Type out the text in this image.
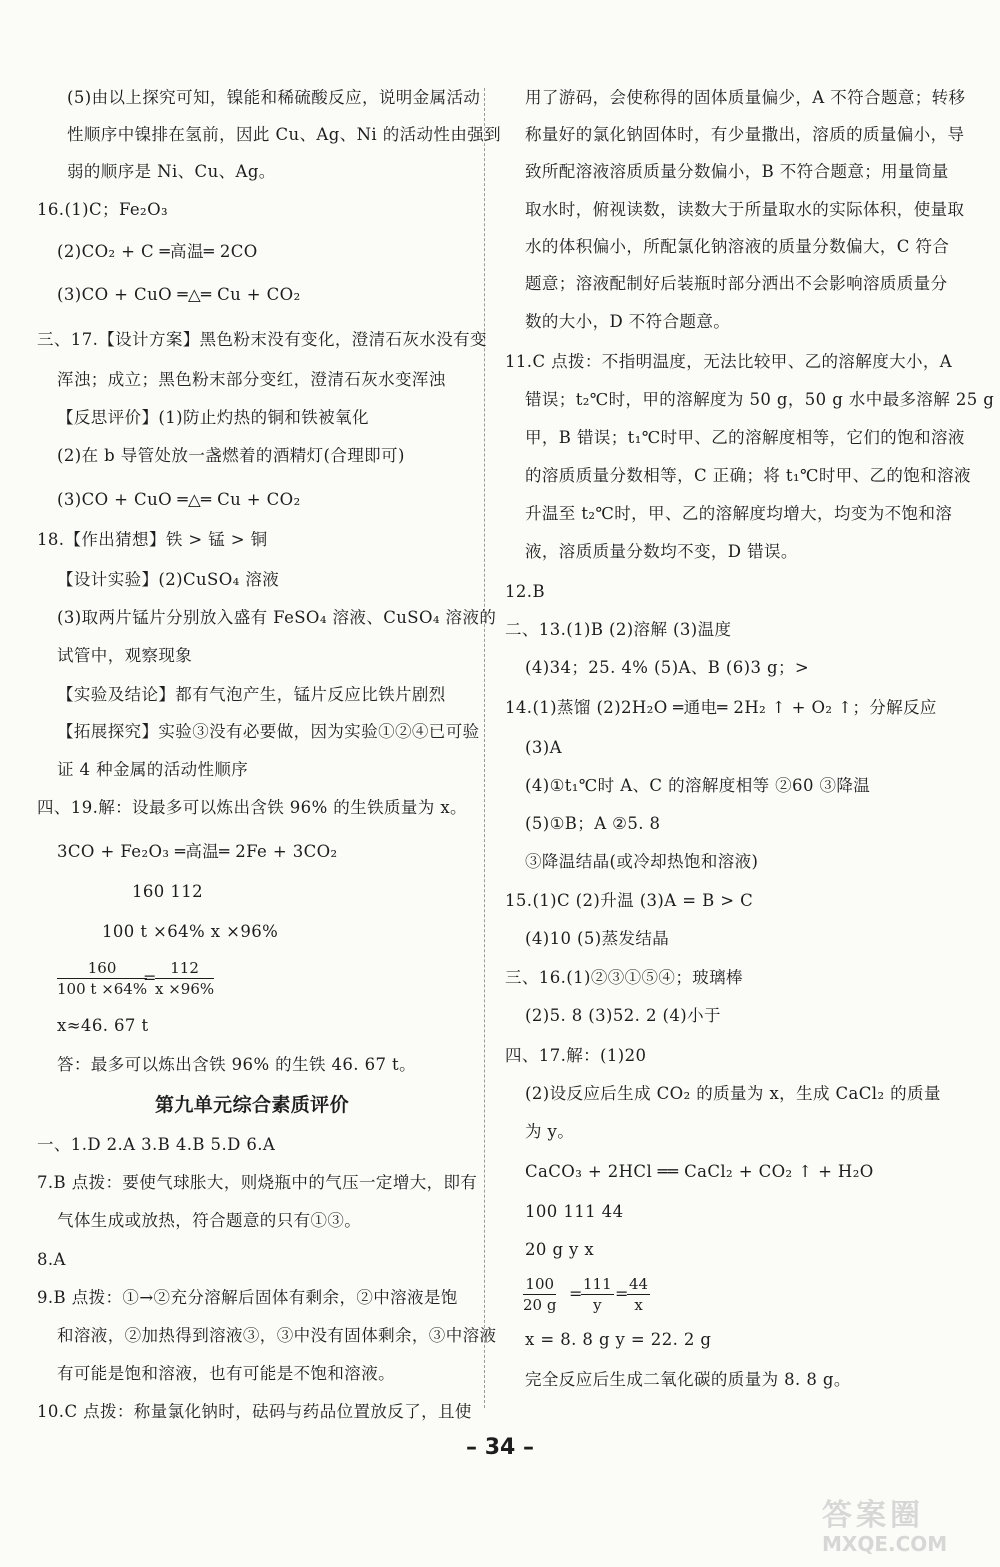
(5)由以上探究可知，镍能和稀硫酸反应，说明金属活动
性顺序中镍排在氢前，因此 Cu、Ag、Ni 的活动性由强到
弱的顺序是 Ni、Cu、Ag。
16.(1)C；Fe₂O₃
(2)CO₂ + C ═高温═ 2CO
(3)CO + CuO ═△═ Cu + CO₂
三、17.【设计方案】黑色粉末没有变化，澄清石灰水没有变
浑浊；成立；黑色粉末部分变红，澄清石灰水变浑浊
【反思评价】(1)防止灼热的铜和铁被氧化
(2)在 b 导管处放一盏燃着的酒精灯(合理即可)
(3)CO + CuO ═△═ Cu + CO₂
18.【作出猜想】铁 > 锰 > 铜
【设计实验】(2)CuSO₄ 溶液
(3)取两片锰片分别放入盛有 FeSO₄ 溶液、CuSO₄ 溶液的
试管中，观察现象
【实验及结论】都有气泡产生，锰片反应比铁片剧烈
【拓展探究】实验③没有必要做，因为实验①②④已可验
证 4 种金属的活动性顺序
四、19.解：设最多可以炼出含铁 96% 的生铁质量为 x。
3CO + Fe₂O₃ ═高温═ 2Fe + 3CO₂
160 112
100 t ×64% x ×96%
$\frac{160}{100 t \times 64\%}$
=
$\frac{112}{x \times 96\%}$
x≈46. 67 t
答：最多可以炼出含铁 96% 的生铁 46. 67 t。
第九单元综合素质评价
一、1.D 2.A 3.B 4.B 5.D 6.A
7.B 点拨：要使气球胀大，则烧瓶中的气压一定增大，即有
气体生成或放热，符合题意的只有①③。
8.A
9.B 点拨：①→②充分溶解后固体有剩余，②中溶液是饱
和溶液，②加热得到溶液③，③中没有固体剩余，③中溶液
有可能是饱和溶液，也有可能是不饱和溶液。
10.C 点拨：称量氯化钠时，砝码与药品位置放反了，且使
用了游码，会使称得的固体质量偏少，A 不符合题意；转移
称量好的氯化钠固体时，有少量撒出，溶质的质量偏小，导
致所配溶液溶质质量分数偏小，B 不符合题意；用量筒量
取水时，俯视读数，读数大于所量取水的实际体积，使量取
水的体积偏小，所配氯化钠溶液的质量分数偏大，C 符合
题意；溶液配制好后装瓶时部分洒出不会影响溶质质量分
数的大小，D 不符合题意。
11.C 点拨：不指明温度，无法比较甲、乙的溶解度大小，A
错误；t₂℃时，甲的溶解度为 50 g，50 g 水中最多溶解 25 g
甲，B 错误；t₁℃时甲、乙的溶解度相等，它们的饱和溶液
的溶质质量分数相等，C 正确；将 t₁℃时甲、乙的饱和溶液
升温至 t₂℃时，甲、乙的溶解度均增大，均变为不饱和溶
液，溶质质量分数均不变，D 错误。
12.B
二、13.(1)B (2)溶解 (3)温度
(4)34；25. 4% (5)A、B (6)3 g；>
14.(1)蒸馏 (2)2H₂O ═通电═ 2H₂ ↑ + O₂ ↑；分解反应
(3)A
(4)①t₁℃时 A、C 的溶解度相等 ②60 ③降温
(5)①B；A ②5. 8
③降温结晶(或冷却热饱和溶液)
15.(1)C (2)升温 (3)A = B > C
(4)10 (5)蒸发结晶
三、16.(1)②③①⑤④；玻璃棒
(2)5. 8 (3)52. 2 (4)小于
四、17.解：(1)20
(2)设反应后生成 CO₂ 的质量为 x，生成 CaCl₂ 的质量
为 y。
CaCO₃ + 2HCl ══ CaCl₂ + CO₂ ↑ + H₂O
100 111 44
20 g y x
$\frac{100}{20 g}$ =
$\frac{111}{y}$ =
$\frac{44}{x}$
x = 8. 8 g y = 22. 2 g
完全反应后生成二氧化碳的质量为 8. 8 g。
– 34 –
答案圈
MXQE.COM
